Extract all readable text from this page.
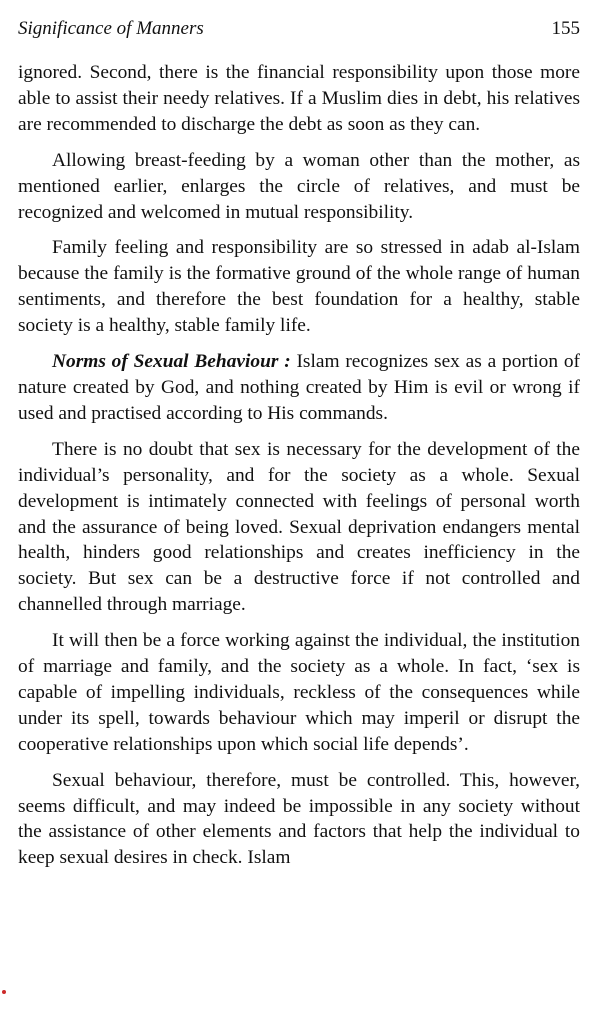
Significance of Manners	155

ignored. Second, there is the financial responsibility upon those more able to assist their needy relatives. If a Muslim dies in debt, his relatives are recommended to discharge the debt as soon as they can.

Allowing breast-feeding by a woman other than the mother, as mentioned earlier, enlarges the circle of relatives, and must be recognized and welcomed in mutual responsibility.

Family feeling and responsibility are so stressed in adab al-Islam because the family is the formative ground of the whole range of human sentiments, and therefore the best foundation for a healthy, stable society is a healthy, stable family life.

Norms of Sexual Behaviour : Islam recognizes sex as a portion of nature created by God, and nothing created by Him is evil or wrong if used and practised according to His commands.

There is no doubt that sex is necessary for the development of the individual’s personality, and for the society as a whole. Sexual development is intimately connected with feelings of personal worth and the assurance of being loved. Sexual deprivation endangers mental health, hinders good relationships and creates inefficiency in the society. But sex can be a destructive force if not controlled and channelled through marriage.

It will then be a force working against the individual, the institution of marriage and family, and the society as a whole. In fact, ‘sex is capable of impelling individuals, reckless of the consequences while under its spell, towards behaviour which may imperil or disrupt the cooperative relationships upon which social life depends’.

Sexual behaviour, therefore, must be controlled. This, however, seems difficult, and may indeed be impossible in any society without the assistance of other elements and factors that help the individual to keep sexual desires in check. Islam
